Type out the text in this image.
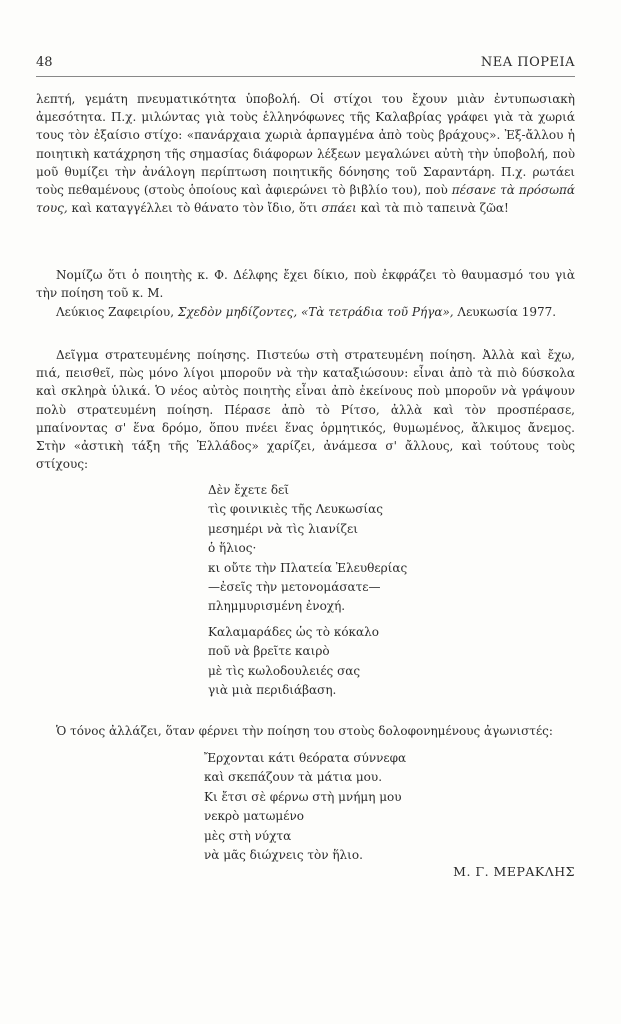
48	ΝΕΑ ΠΟΡΕΙΑ

λεπτή, γεμάτη πνευματικότητα ὑποβολή. Οἱ στίχοι του ἔχουν μιὰν ἐντυπωσιακὴ ἀμεσότητα. Π.χ. μιλώντας γιὰ τοὺς ἑλληνόφωνες τῆς Καλαβρίας γράφει γιὰ τὰ χωριά τους τὸν ἐξαίσιο στίχο: «πανάρχαια χωριὰ ἁρπαγμένα ἀπὸ τοὺς βράχους». Ἐξ-ἄλλου ἡ ποιητικὴ κατάχρηση τῆς σημασίας διάφορων λέξεων μεγαλώνει αὐτὴ τὴν ὑποβολή, ποὺ μοῦ θυμίζει τὴν ἀνάλογη περίπτωση ποιητικῆς δόνησης τοῦ Σαραντάρη. Π.χ. ρωτάει τοὺς πεθαμένους (στοὺς ὁποίους καὶ ἀφιερώνει τὸ βιβλίο του), ποὺ πέσανε τὰ πρόσωπά τους, καὶ καταγγέλλει τὸ θάνατο τὸν ἴδιο, ὅτι σπάει καὶ τὰ πιὸ ταπεινὰ ζῶα!

Νομίζω ὅτι ὁ ποιητὴς κ. Φ. Δέλφης ἔχει δίκιο, ποὺ ἐκφράζει τὸ θαυμασμό του γιὰ τὴν ποίηση τοῦ κ. Μ.

Λεύκιος Ζαφειρίου, Σχεδὸν μηδίζοντες, «Τὰ τετράδια τοῦ Ρήγα», Λευκωσία 1977.

Δεῖγμα στρατευμένης ποίησης. Πιστεύω στὴ στρατευμένη ποίηση. Ἀλλὰ καὶ ἔχω, πιά, πεισθεῖ, πὼς μόνο λίγοι μποροῦν νὰ τὴν καταξιώσουν: εἶναι ἀπὸ τὰ πιὸ δύσκολα καὶ σκληρὰ ὑλικά. Ὁ νέος αὐτὸς ποιητὴς εἶναι ἀπὸ ἐκείνους ποὺ μποροῦν νὰ γράψουν πολὺ στρατευμένη ποίηση. Πέρασε ἀπὸ τὸ Ρίτσο, ἀλλὰ καὶ τὸν προσπέρασε, μπαίνοντας σ' ἕνα δρόμο, ὅπου πνέει ἕνας ὁρμητικός, θυμωμένος, ἄλκιμος ἄνεμος. Στὴν «ἀστικὴ τάξη τῆς Ἑλλάδος» χαρίζει, ἀνάμεσα σ' ἄλλους, καὶ τούτους τοὺς στίχους:

Δὲν ἔχετε δεῖ
τὶς φοινικιὲς τῆς Λευκωσίας
μεσημέρι νὰ τὶς λιανίζει
ὁ ἥλιος·
κι οὔτε τὴν Πλατεία Ἐλευθερίας
—ἐσεῖς τὴν μετονομάσατε—
πλημμυρισμένη ἐνοχή.
Καλαμαράδες ὡς τὸ κόκαλο
ποῦ νὰ βρεῖτε καιρὸ
μὲ τὶς κωλοδουλειές σας
γιὰ μιὰ περιδιάβαση.

Ὁ τόνος ἀλλάζει, ὅταν φέρνει τὴν ποίηση του στοὺς δολοφονημένους ἀγωνιστές:

Ἔρχονται κάτι θεόρατα σύννεφα
καὶ σκεπάζουν τὰ μάτια μου.
Κι ἔτσι σὲ φέρνω στὴ μνήμη μου
νεκρὸ ματωμένο
μὲς στὴ νύχτα
νὰ μᾶς διώχνεις τὸν ἥλιο.
Μ. Γ. ΜΕΡΑΚΛΗΣ
